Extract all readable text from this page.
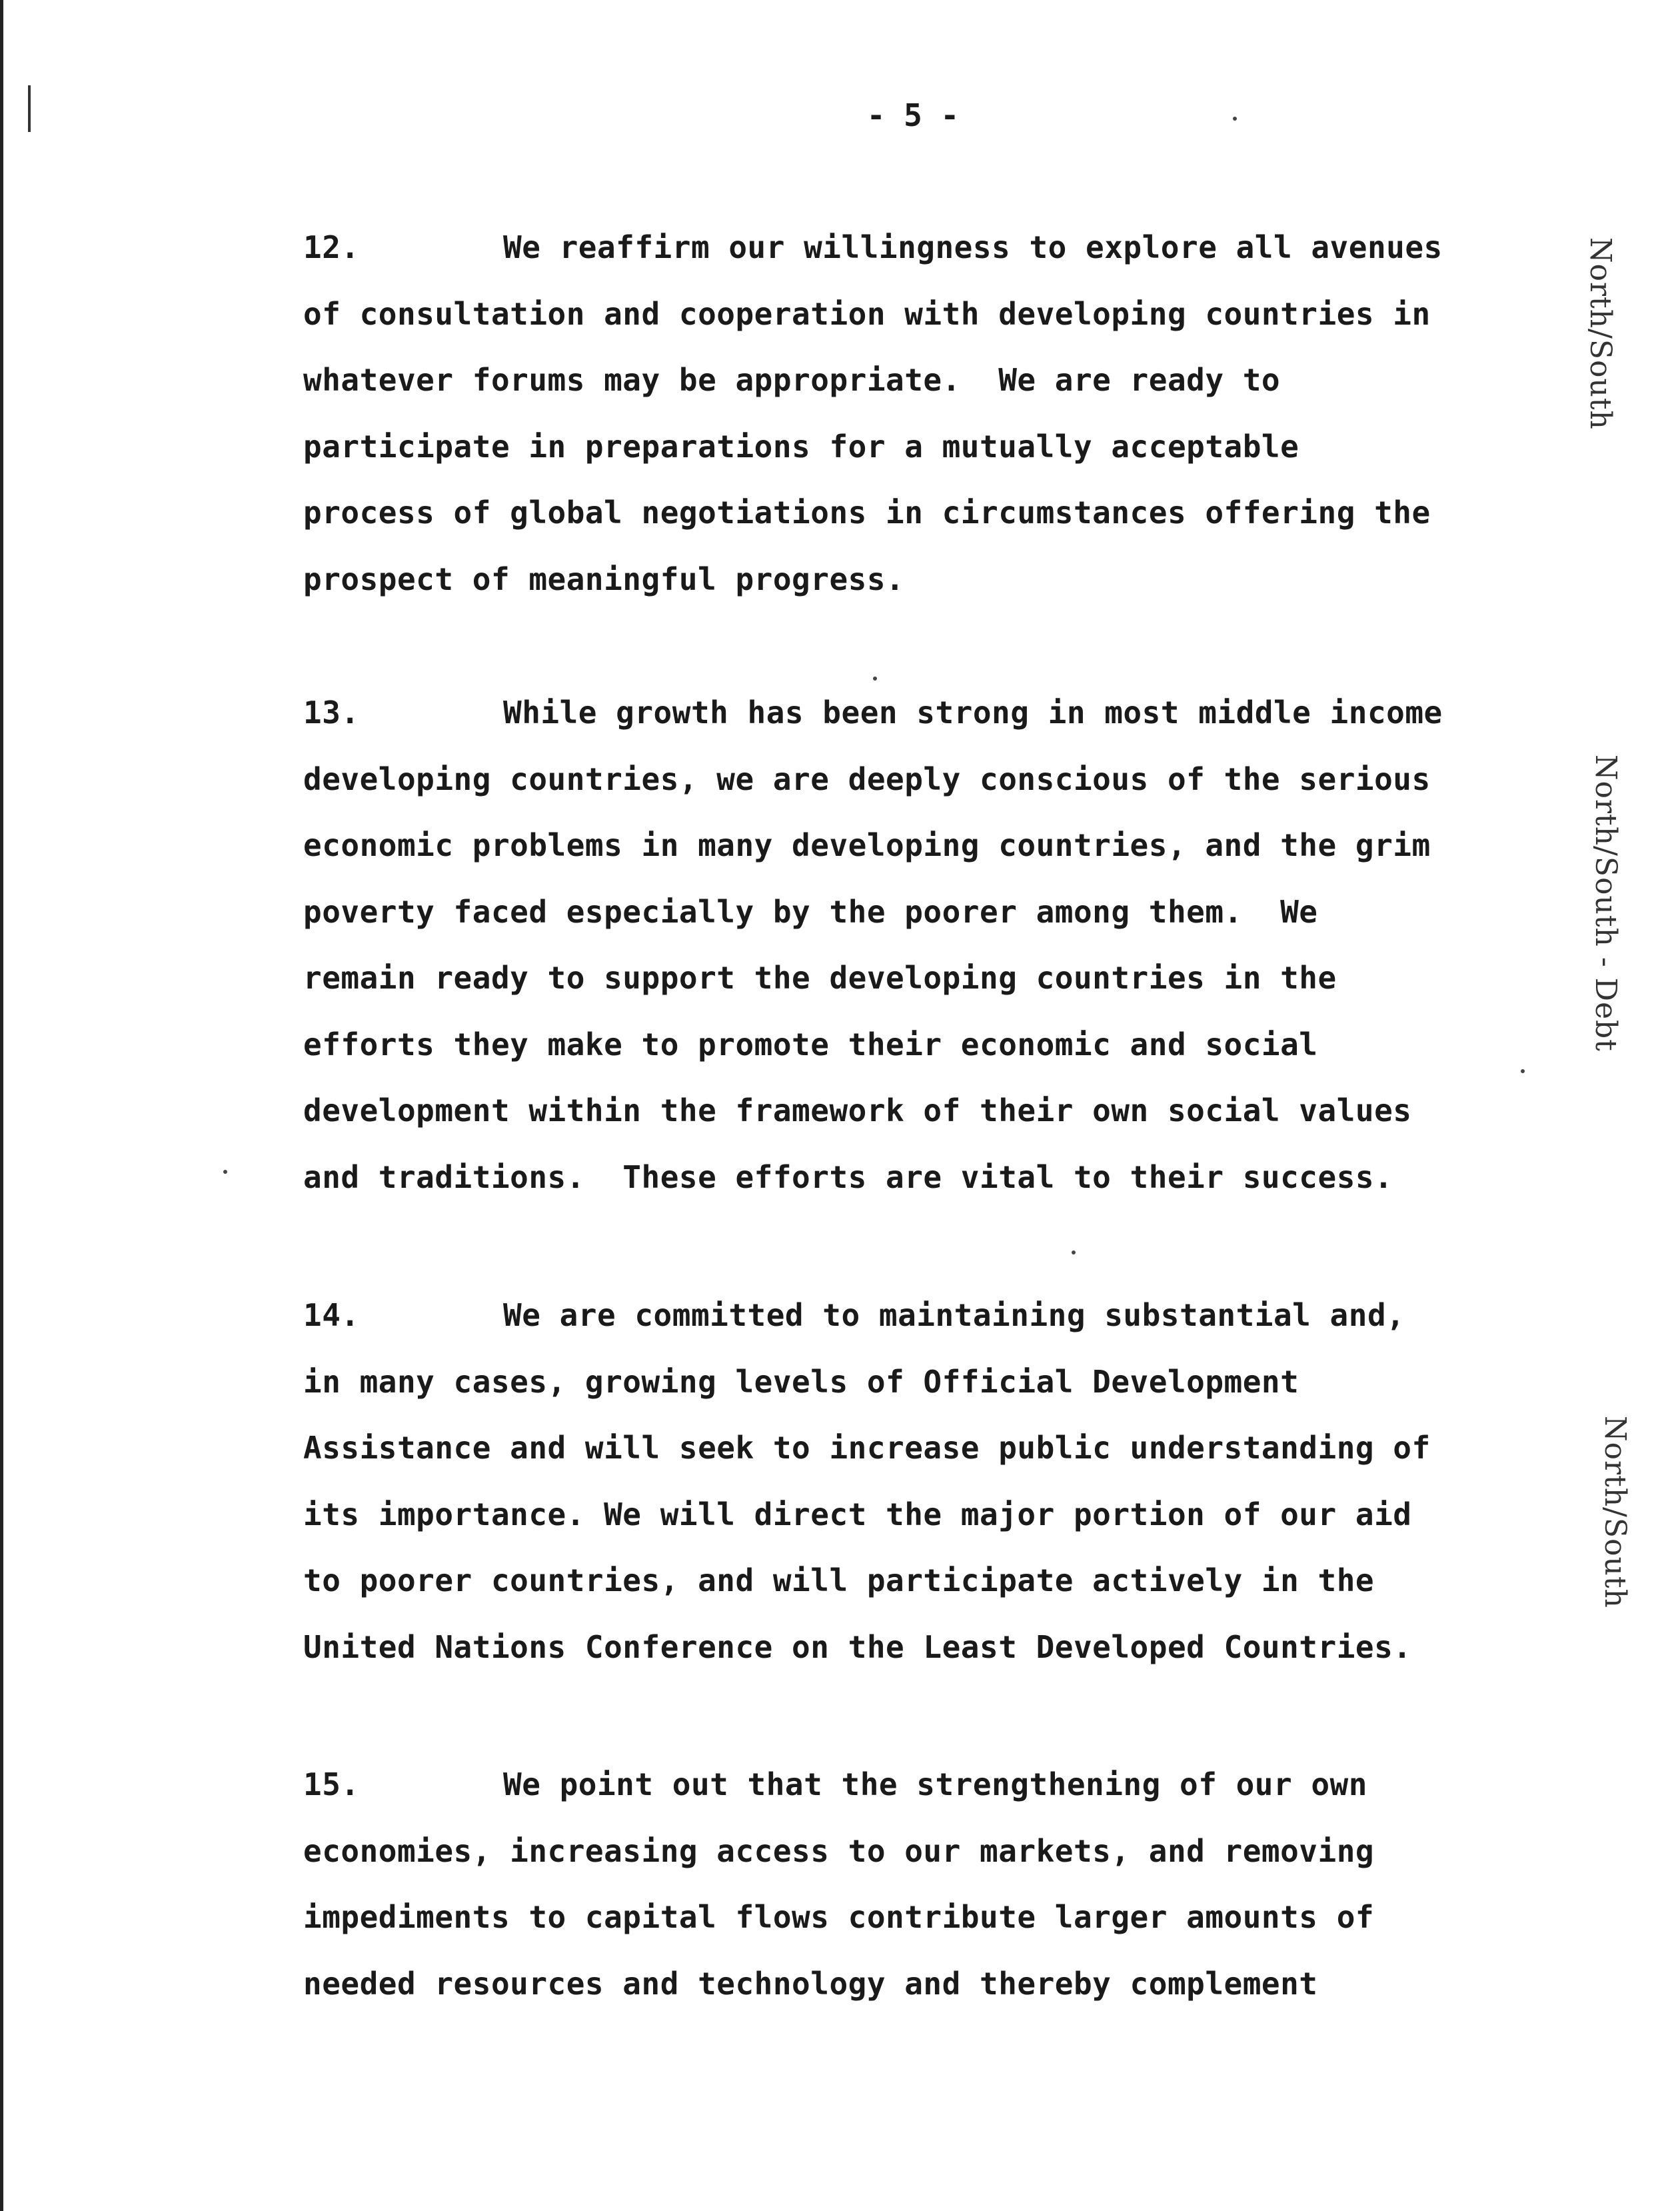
- 5 -
12.	We reaffirm our willingness to explore all avenues
of consultation and cooperation with developing countries in
whatever forums may be appropriate.  We are ready to
participate in preparations for a mutually acceptable
process of global negotiations in circumstances offering the
prospect of meaningful progress.
13.	While growth has been strong in most middle income
developing countries, we are deeply conscious of the serious
economic problems in many developing countries, and the grim
poverty faced especially by the poorer among them.  We
remain ready to support the developing countries in the
efforts they make to promote their economic and social
development within the framework of their own social values
and traditions.  These efforts are vital to their success.
14.	We are committed to maintaining substantial and,
in many cases, growing levels of Official Development
Assistance and will seek to increase public understanding of
its importance. We will direct the major portion of our aid
to poorer countries, and will participate actively in the
United Nations Conference on the Least Developed Countries.
15.	We point out that the strengthening of our own
economies, increasing access to our markets, and removing
impediments to capital flows contribute larger amounts of
needed resources and technology and thereby complement
North/South
North/South - Debt
North/South
